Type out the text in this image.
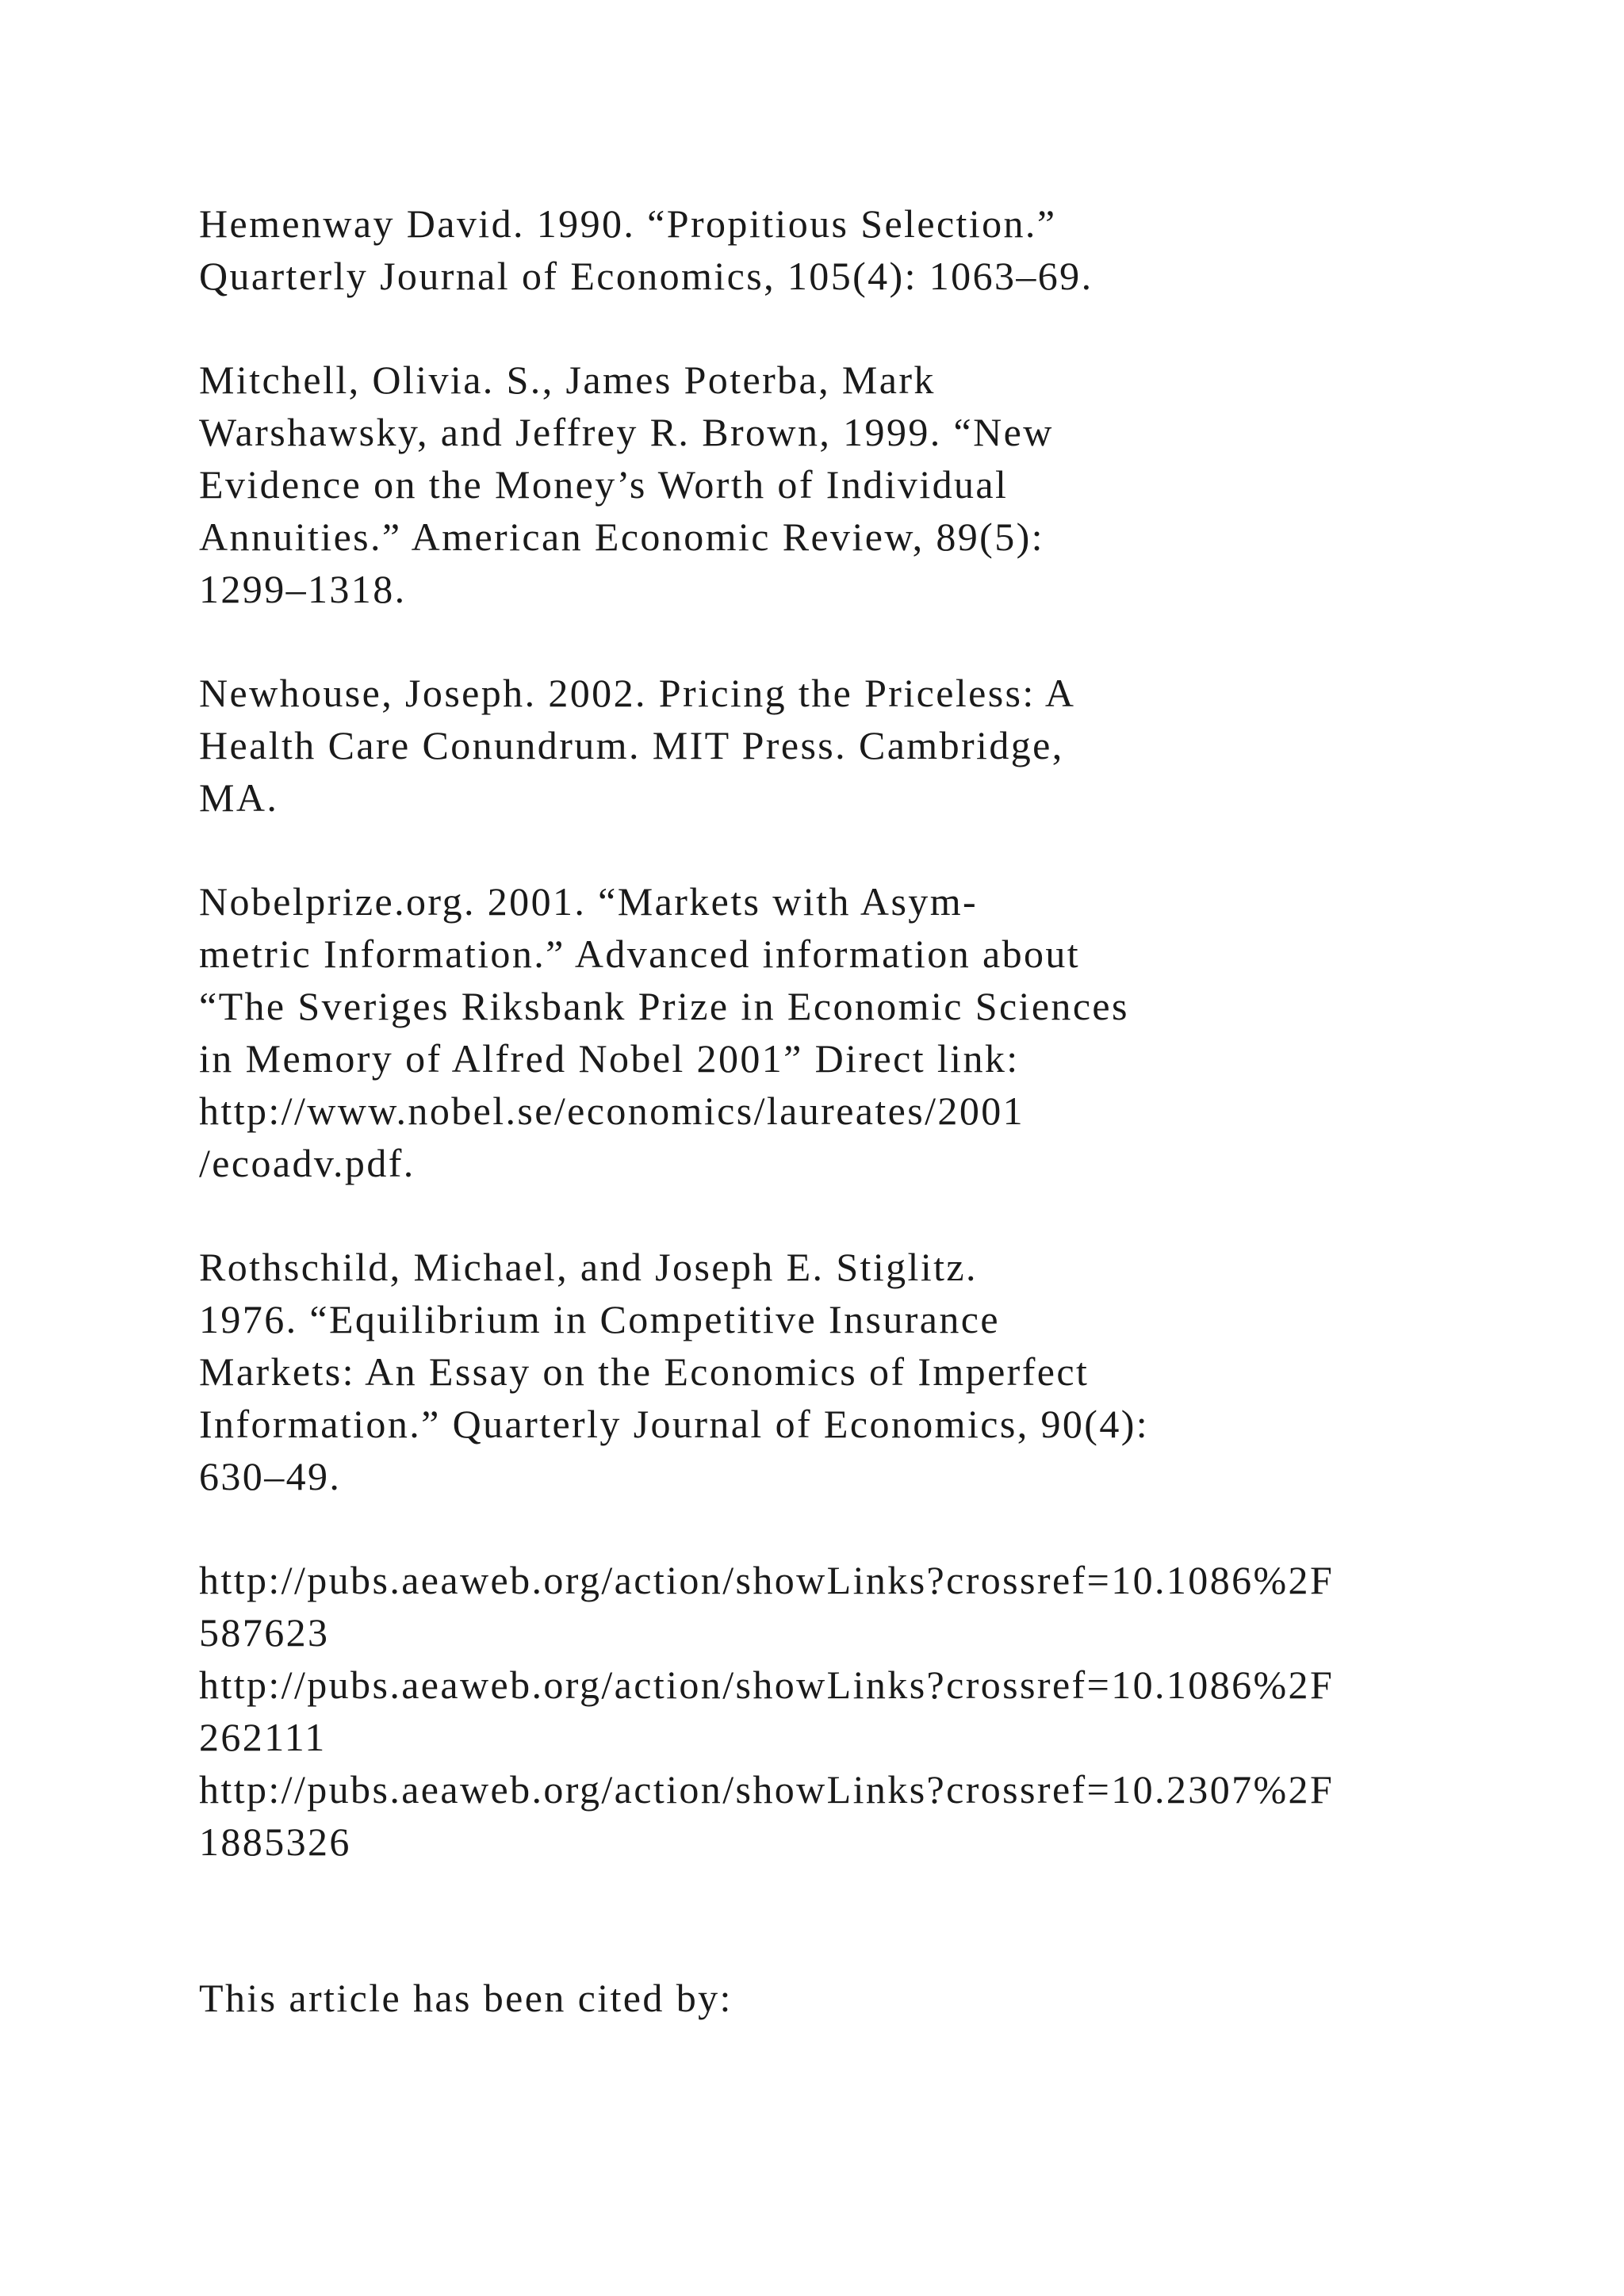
Hemenway David. 1990. “Propitious Selection.”
Quarterly Journal of Economics, 105(4): 1063–69.
Mitchell, Olivia. S., James Poterba, Mark
Warshawsky, and Jeffrey R. Brown, 1999. “New
Evidence on the Money’s Worth of Individual
Annuities.” American Economic Review, 89(5):
1299–1318.
Newhouse, Joseph. 2002. Pricing the Priceless: A
Health Care Conundrum. MIT Press. Cambridge,
MA.
Nobelprize.org. 2001. “Markets with Asym-
metric Information.” Advanced information about
“The Sveriges Riksbank Prize in Economic Sciences
in Memory of Alfred Nobel 2001” Direct link:
http://www.nobel.se/economics/laureates/2001
/ecoadv.pdf.
Rothschild, Michael, and Joseph E. Stiglitz.
1976. “Equilibrium in Competitive Insurance
Markets: An Essay on the Economics of Imperfect
Information.” Quarterly Journal of Economics, 90(4):
630–49.
http://pubs.aeaweb.org/action/showLinks?crossref=10.1086%2F
587623
http://pubs.aeaweb.org/action/showLinks?crossref=10.1086%2F
262111
http://pubs.aeaweb.org/action/showLinks?crossref=10.2307%2F
1885326
This article has been cited by:
